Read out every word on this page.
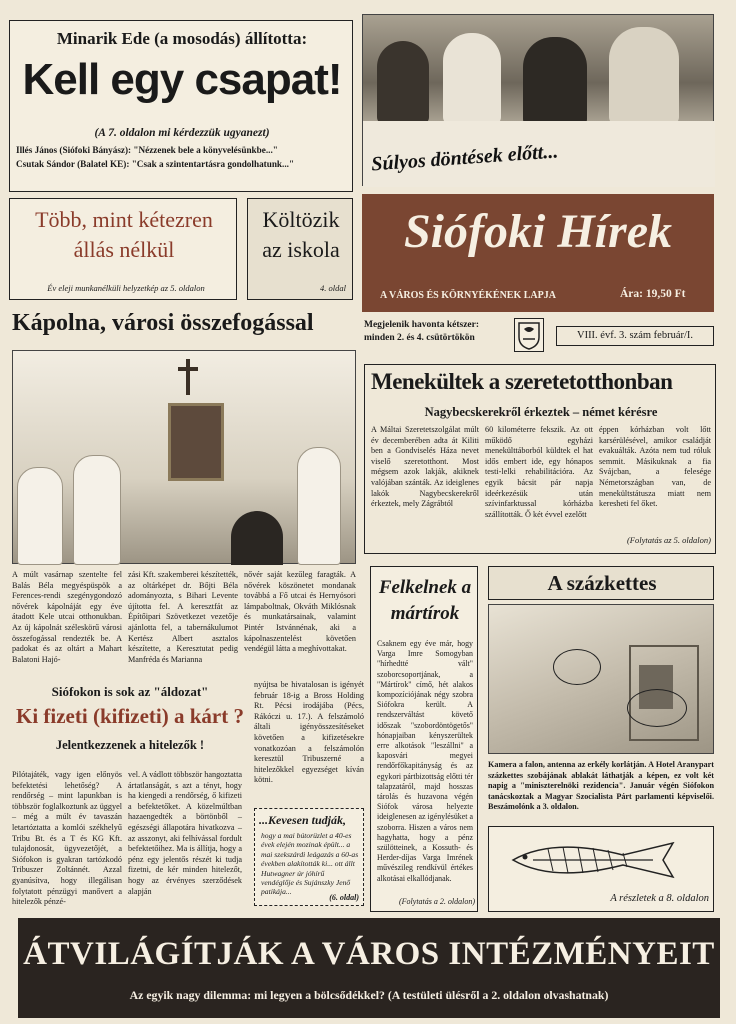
Minarik Ede (a mosodás) állította:
Kell egy csapat!
(A 7. oldalon mi kérdezzük ugyanezt)
Illés János (Siófoki Bányász): "Nézzenek bele a könyvelésünkbe..."
Csutak Sándor (Balatel KE): "Csak a szintentartásra gondolhatunk..."	Súlyos döntések előtt...
Több, mint kétezren állás nélkül
Év eleji munkanélküli helyzetkép az 5. oldalon
Költözik az iskola
4. oldal
Siófoki Hírek
A VÁROS ÉS KÖRNYÉKÉNEK LAPJA	Ára: 19,50 Ft
Megjelenik havonta kétszer:
minden 2. és 4. csütörtökön	VIII. évf. 3. szám február/I.
Kápolna, városi összefogással
A múlt vasárnap szentelte fel Balás Béla megyéspüspök a Ferences-rendi szegénygondozó nővérek kápolnáját egy éve átadott Kele utcai otthonukban. Az új kápolnát széleskörű városi összefogással rendezték be. A padokat és az oltárt a Mahart Balatoni Hajó-
zási Kft. szakemberei készítették, az oltárképet dr. Bőjti Béla adományozta, s Bihari Levente újította fel. A keresztfát az Építőipari Szövetkezet vezetője ajánlotta fel, a tabernákulumot Kertész Albert asztalos készítette, a Keresztutat pedig Manfréda és Marianna
nővér saját kezűleg faragták. A nővérek köszönetet mondanak továbbá a Fő utcai és Hernyósori lámpaboltnak, Okváth Miklósnak és munkatársainak, valamint Pintér Istvánnénak, aki a kápolnaszentelést követően vendégül látta a meghívottakat.
Menekültek a szeretetotthonban
Nagybecskerekről érkeztek – német kérésre
A Máltai Szeretetszolgálat múlt év decemberében adta át Kiliti ben a Gondviselés Háza nevet viselő szeretotthont. Most mégsem azok lakják, akiknek valójában szánták. Az ideiglenes lakók Nagybecskerekről érkeztek, mely Zágrábtól
60 kilométerre fekszik. Az ott működő egyházi menekülttáborból küldtek el hat idős embert ide, egy hónapos testi-lelki rehabilitációra. Az egyik bácsit pár napja ideérkezésük után szívinfarktussal kórházba szállították. Ő két évvel ezelőtt
éppen kórházban volt lőtt karsérülésével, amikor családját evakuálták. Azóta nem tud róluk semmit. Másikuknak a fia Svájcban, a felesége Németországban van, de menekültstátusza miatt nem keresheti fel őket.
(Folytatás az 5. oldalon)
Siófokon is sok az "áldozat"
Ki fizeti (kifizeti) a kárt ?
Jelentkezzenek a hitelezők !
Pilótajáték, vagy igen előnyös befektetési lehetőség? A rendőrség – mint lapunkban is többször foglalkoztunk az üggyel – még a múlt év tavaszán letartóztatta a komlói székhelyű Tribu Bt. és a T és KG Kft. tulajdonosát, ügyvezetőjét, a Siófokon is gyakran tartózkodó Tribuszer Zoltánnét. Azzal gyanúsítva, hogy illegálisan folytatott pénzügyi manővert a hitelezők pénzé-
vel. A vádlott többször hangoztatta ártatlanságát, s azt a tényt, hogy ha kiengedi a rendőrség, ő kifizeti a befektetőket. A közelmúltban hazaengedték a börtönből – egészségi állapotára hivatkozva – az asszonyt, aki felhívással fordult befektetőihez. Ma is állítja, hogy a pénz egy jelentős részét ki tudja fizetni, de kér minden hitelezőt, hogy az érvényes szerződések alapján
nyújtsa be hivatalosan is igényét február 18-ig a Bross Holding Rt. Pécsi irodájába (Pécs, Rákóczi u. 17.). A felszámoló általi igényösszesítéseket követően a kifizetésekre vonatkozóan a felszámolón keresztül Tribuszerné a hitelezőkkel egyezséget kíván kötni.
...Kevesen tudják,
hogy a mai bútorüzlet a 40-es évek elején mozinak épült... a mai szekszárdi leágazás a 60-as években alakították ki... ott állt Hutwagner úr jóhírű vendéglője és Sujánszky Jenő patikája...
(6. oldal)
Felkelnek a mártírok
Csaknem egy éve már, hogy Varga Imre Somogyban "hírhedtté vált" szoborcsoportjának, a "Mártírok" címő, hét alakos kompozíciójának négy szobra Siófokra került. A rendszerváltást követő időszak "szobordöntögetős" hónapjaiban kényszerültek erre alkotások "leszállni" a kaposvári megyei rendőrfőkapitányság és az egykori pártbizottság előtti tér talapzatáról, majd hosszas tárolás és huzavona végén Siófok városa helyezte ideiglenesen az igénylésüket a szoborra. Hiszen a város nem hagyhatta, hogy a pénz szülötteinek, a Kossuth- és Herder-díjas Varga Imrének művészileg rendkívül értékes alkotásai elkallódjanak.
(Folytatás a 2. oldalon)
A százkettes
Kamera a falon, antenna az erkély korlátján. A Hotel Aranypart százkettes szobájának ablakát láthatják a képen, ez volt két napig a "miniszterelnöki rezidencia". Január végén Siófokon tanácskoztak a Magyar Szocialista Párt parlamenti képviselői. Beszámolónk a 3. oldalon.
A részletek a 8. oldalon
ÁTVILÁGÍTJÁK A VÁROS INTÉZMÉNYEIT
Az egyik nagy dilemma: mi legyen a bölcsődékkel? (A testületi ülésről a 2. oldalon olvashatnak)
